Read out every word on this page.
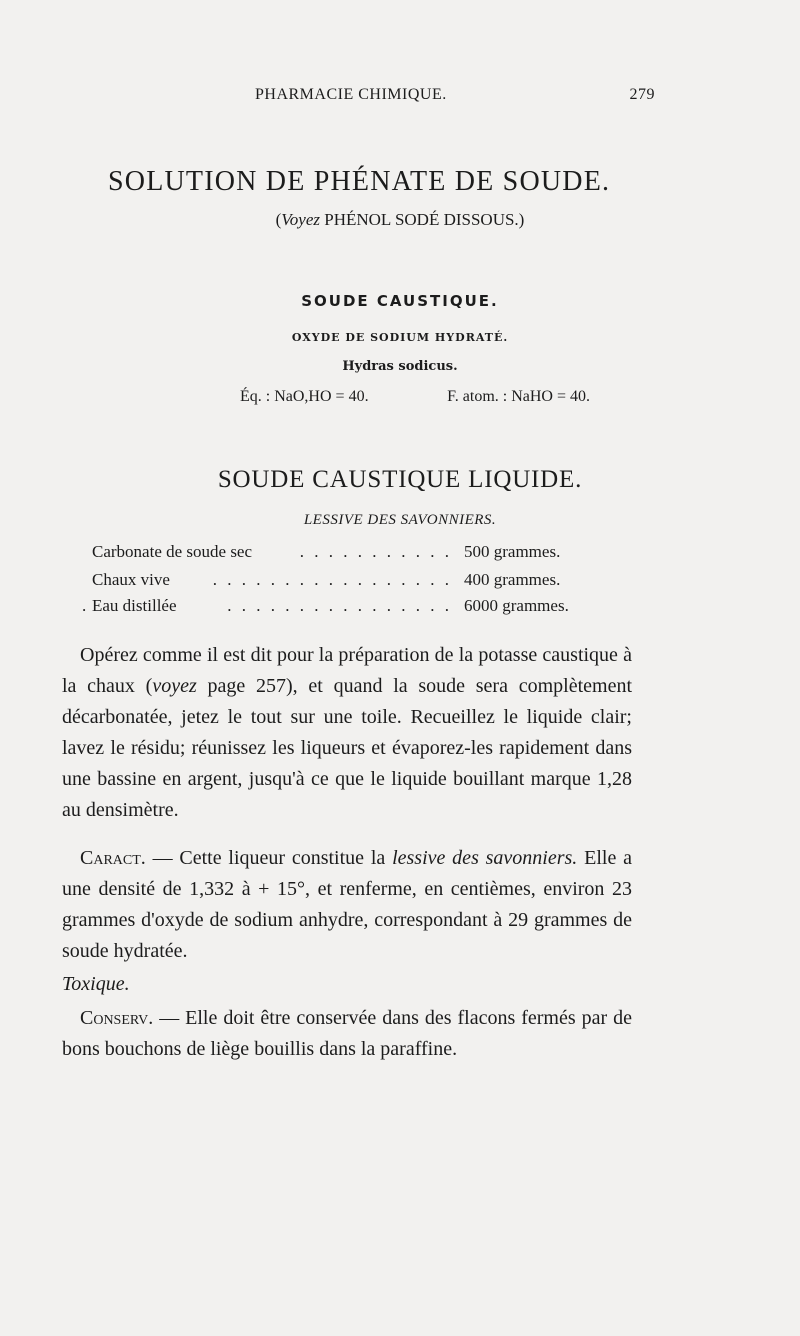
PHARMACIE CHIMIQUE.	279
SOLUTION DE PHÉNATE DE SOUDE.
(Voyez PHÉNOL SODÉ DISSOUS.)
SOUDE CAUSTIQUE.
OXYDE DE SODIUM HYDRATÉ.
Hydras sodicus.
Éq. : NaO,HO = 40.	F. atom. : NaHO = 40.
SOUDE CAUSTIQUE LIQUIDE.
LESSIVE DES SAVONNIERS.
. . . . . . . . . . .
Carbonate de soude sec	500 grammes.
. . . . . . . . . . . . . . . . .
Chaux vive	400 grammes.
.	. . . . . . . . . . . . . . . .
Eau distillée	6000 grammes.
Opérez comme il est dit pour la préparation de la potasse caustique à la chaux (voyez page 257), et quand la soude sera complètement décarbonatée, jetez le tout sur une toile. Recueillez le liquide clair; lavez le résidu; réunissez les liqueurs et évaporez-les rapidement dans une bassine en argent, jusqu'à ce que le liquide bouillant marque 1,28 au densimètre.
Caract. — Cette liqueur constitue la lessive des savonniers. Elle a une densité de 1,332 à + 15°, et renferme, en centièmes, environ 23 grammes d'oxyde de sodium anhydre, correspondant à 29 grammes de soude hydratée.
Toxique.
Conserv. — Elle doit être conservée dans des flacons fermés par de bons bouchons de liège bouillis dans la paraffine.
